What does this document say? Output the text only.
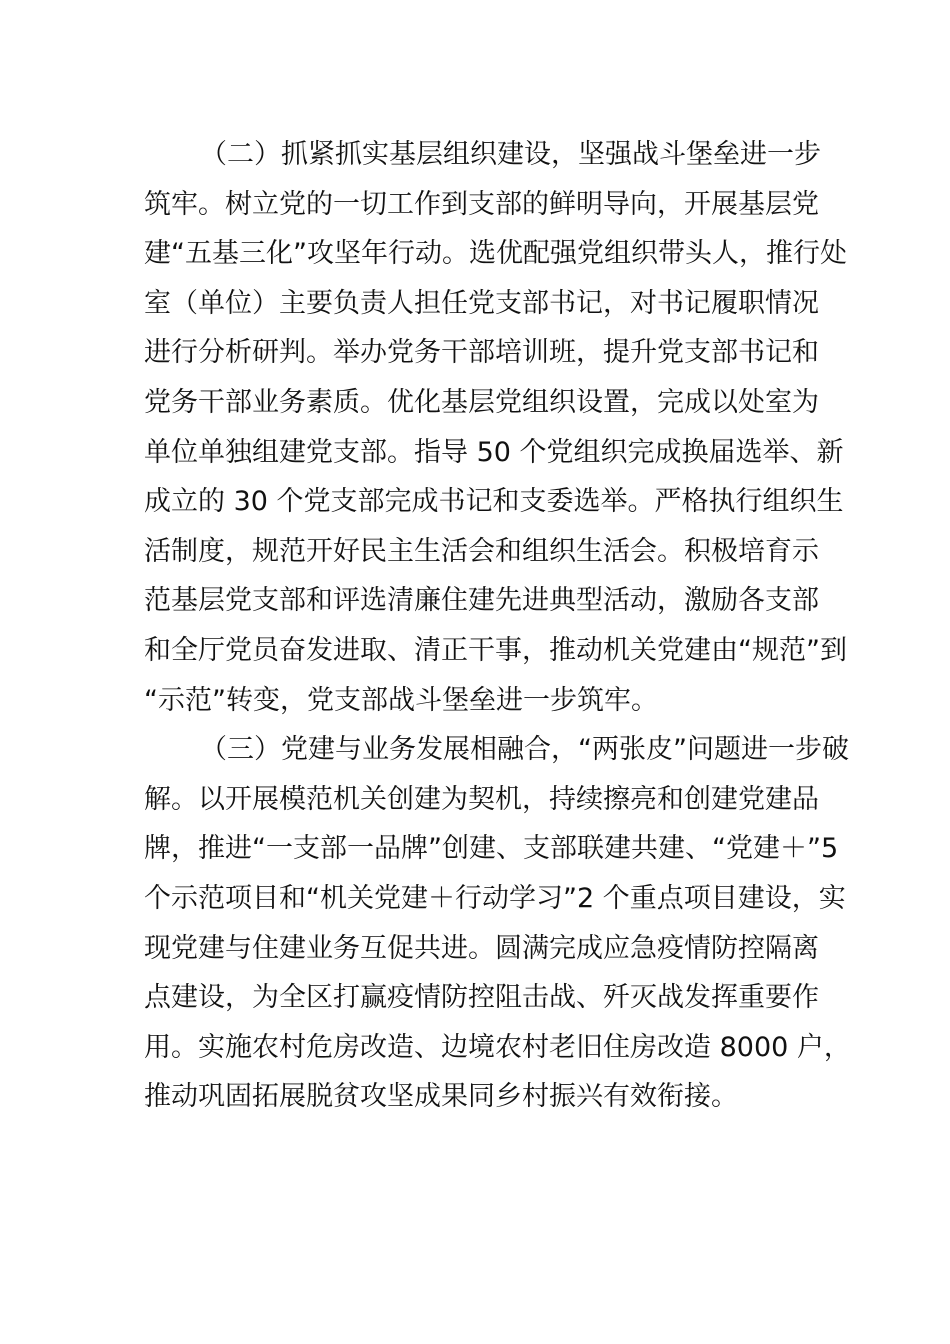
（二）抓紧抓实基层组织建设，坚强战斗堡垒进一步
筑牢。树立党的一切工作到支部的鲜明导向，开展基层党
建“五基三化”攻坚年行动。选优配强党组织带头人，推行处
室（单位）主要负责人担任党支部书记，对书记履职情况
进行分析研判。举办党务干部培训班，提升党支部书记和
党务干部业务素质。优化基层党组织设置，完成以处室为
单位单独组建党支部。指导 50 个党组织完成换届选举、新
成立的 30 个党支部完成书记和支委选举。严格执行组织生
活制度，规范开好民主生活会和组织生活会。积极培育示
范基层党支部和评选清廉住建先进典型活动，激励各支部
和全厅党员奋发进取、清正干事，推动机关党建由“规范”到
“示范”转变，党支部战斗堡垒进一步筑牢。
（三）党建与业务发展相融合，“两张皮”问题进一步破
解。以开展模范机关创建为契机，持续擦亮和创建党建品
牌，推进“一支部一品牌”创建、支部联建共建、“党建＋”5
个示范项目和“机关党建＋行动学习”2 个重点项目建设，实
现党建与住建业务互促共进。圆满完成应急疫情防控隔离
点建设，为全区打赢疫情防控阻击战、歼灭战发挥重要作
用。实施农村危房改造、边境农村老旧住房改造 8000 户，
推动巩固拓展脱贫攻坚成果同乡村振兴有效衔接。
